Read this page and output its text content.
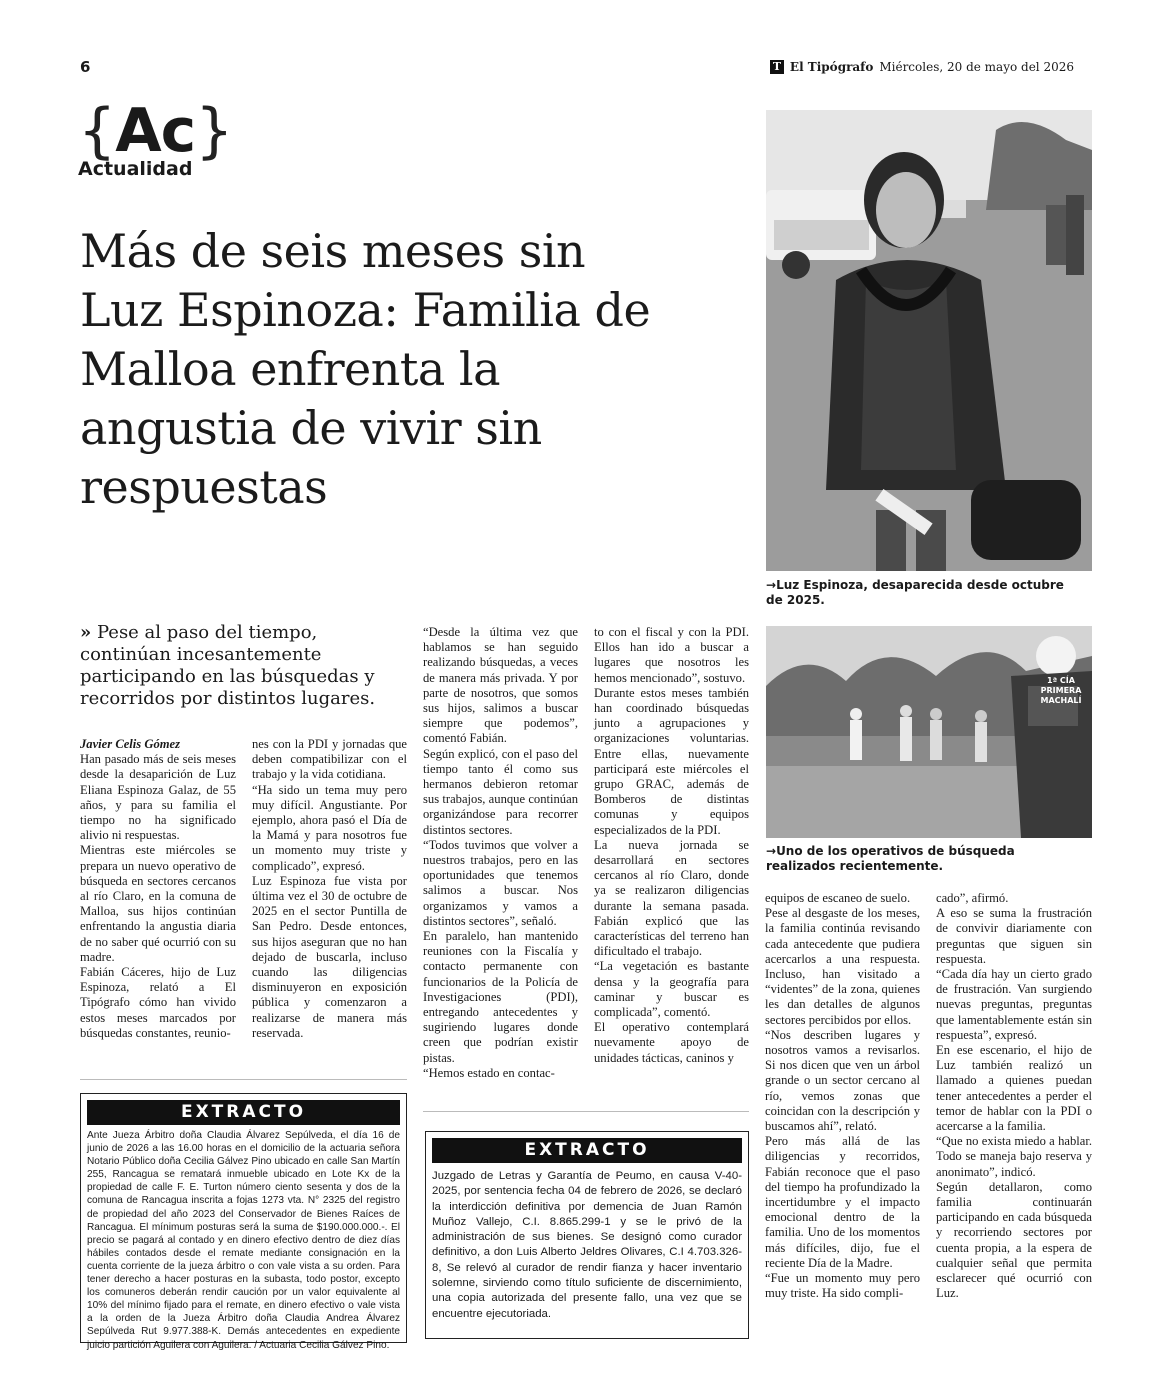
6	T El Tipógrafo Miércoles, 20 de mayo del 2026
{Ac}
Actualidad
Más de seis meses sin Luz Espinoza: Familia de Malloa enfrenta la angustia de vivir sin respuestas
→Luz Espinoza, desaparecida desde octubre de 2025.
1ª CÍA
PRIMERA
MACHALÍ
→Uno de los operativos de búsqueda realizados recientemente.
» Pese al paso del tiempo, continúan incesantemente participando en las búsquedas y recorridos por distintos lugares.

Javier Celis Gómez

Han pasado más de seis meses desde la desaparición de Luz Eliana Espinoza Galaz, de 55 años, y para su familia el tiempo no ha significado alivio ni respuestas.

Mientras este miércoles se prepara un nuevo operativo de búsqueda en sectores cercanos al río Claro, en la comuna de Malloa, sus hijos continúan enfrentando la angustia diaria de no saber qué ocurrió con su madre.

Fabián Cáceres, hijo de Luz Espinoza, relató a El Tipógrafo cómo han vivido estos meses marcados por búsquedas constantes, reunio-

nes con la PDI y jornadas que deben compatibilizar con el trabajo y la vida cotidiana.

“Ha sido un tema muy pero muy difícil. Angustiante. Por ejemplo, ahora pasó el Día de la Mamá y para nosotros fue un momento muy triste y complicado”, expresó.

Luz Espinoza fue vista por última vez el 30 de octubre de 2025 en el sector Puntilla de San Pedro. Desde entonces, sus hijos aseguran que no han dejado de buscarla, incluso cuando las diligencias disminuyeron en exposición pública y comenzaron a realizarse de manera más reservada.

“Desde la última vez que hablamos se han seguido realizando búsquedas, a veces de manera más privada. Y por parte de nosotros, que somos sus hijos, salimos a buscar siempre que podemos”, comentó Fabián.

Según explicó, con el paso del tiempo tanto él como sus hermanos debieron retomar sus trabajos, aunque continúan organizándose para recorrer distintos sectores.

“Todos tuvimos que volver a nuestros trabajos, pero en las oportunidades que tenemos salimos a buscar. Nos organizamos y vamos a distintos sectores”, señaló.

En paralelo, han mantenido reuniones con la Fiscalía y contacto permanente con funcionarios de la Policía de Investigaciones (PDI), entregando antecedentes y sugiriendo lugares donde creen que podrían existir pistas.

“Hemos estado en contac-

to con el fiscal y con la PDI. Ellos han ido a buscar a lugares que nosotros les hemos mencionado”, sostuvo.

Durante estos meses también han coordinado búsquedas junto a agrupaciones y organizaciones voluntarias. Entre ellas, nuevamente participará este miércoles el grupo GRAC, además de Bomberos de distintas comunas y equipos especializados de la PDI.

La nueva jornada se desarrollará en sectores cercanos al río Claro, donde ya se realizaron diligencias durante la semana pasada. Fabián explicó que las características del terreno han dificultado el trabajo.

“La vegetación es bastante densa y la geografía para caminar y buscar es complicada”, comentó.

El operativo contemplará nuevamente apoyo de unidades tácticas, caninos y

equipos de escaneo de suelo.

Pese al desgaste de los meses, la familia continúa revisando cada antecedente que pudiera acercarlos a una respuesta. Incluso, han visitado a “videntes” de la zona, quienes les dan detalles de algunos sectores percibidos por ellos.

“Nos describen lugares y nosotros vamos a revisarlos. Si nos dicen que ven un árbol grande o un sector cercano al río, vemos zonas que coincidan con la descripción y buscamos ahí”, relató.

Pero más allá de las diligencias y recorridos, Fabián reconoce que el paso del tiempo ha profundizado la incertidumbre y el impacto emocional dentro de la familia. Uno de los momentos más difíciles, dijo, fue el reciente Día de la Madre.

“Fue un momento muy pero muy triste. Ha sido compli-

cado”, afirmó.

A eso se suma la frustración de convivir diariamente con preguntas que siguen sin respuesta.

“Cada día hay un cierto grado de frustración. Van surgiendo nuevas preguntas, preguntas que lamentablemente están sin respuesta”, expresó.

En ese escenario, el hijo de Luz también realizó un llamado a quienes puedan tener antecedentes a perder el temor de hablar con la PDI o acercarse a la familia.

“Que no exista miedo a hablar. Todo se maneja bajo reserva y anonimato”, indicó.

Según detallaron, como familia continuarán participando en cada búsqueda y recorriendo sectores por cuenta propia, a la espera de cualquier señal que permita esclarecer qué ocurrió con Luz.

EXTRACTO
Ante Jueza Árbitro doña Claudia Álvarez Sepúlveda, el día 16 de junio de 2026 a las 16.00 horas en el domicilio de la actuaria señora Notario Público doña Cecilia Gálvez Pino ubicado en calle San Martín 255, Rancagua se rematará inmueble ubicado en Lote Kx de la propiedad de calle F. E. Turton número ciento sesenta y dos de la comuna de Rancagua inscrita a fojas 1273 vta. N° 2325 del registro de propiedad del año 2023 del Conservador de Bienes Raíces de Rancagua. El mínimum posturas será la suma de $190.000.000.-. El precio se pagará al contado y en dinero efectivo dentro de diez días hábiles contados desde el remate mediante consignación en la cuenta corriente de la jueza árbitro o con vale vista a su orden. Para tener derecho a hacer posturas en la subasta, todo postor, excepto los comuneros deberán rendir caución por un valor equivalente al 10% del mínimo fijado para el remate, en dinero efectivo o vale vista a la orden de la Jueza Árbitro doña Claudia Andrea Álvarez Sepúlveda Rut 9.977.388-K. Demás antecedentes en expediente juicio partición Aguilera con Aguilera. / Actuaria Cecilia Gálvez Pino.
EXTRACTO
Juzgado de Letras y Garantía de Peumo, en causa V-40-2025, por sentencia fecha 04 de febrero de 2026, se declaró la interdicción definitiva por demencia de Juan Ramón Muñoz Vallejo, C.I. 8.865.299-1 y se le privó de la administración de sus bienes. Se designó como curador definitivo, a don Luis Alberto Jeldres Olivares, C.I 4.703.326-8, Se relevó al curador de rendir fianza y hacer inventario solemne, sirviendo como título suficiente de discernimiento, una copia autorizada del presente fallo, una vez que se encuentre ejecutoriada.
